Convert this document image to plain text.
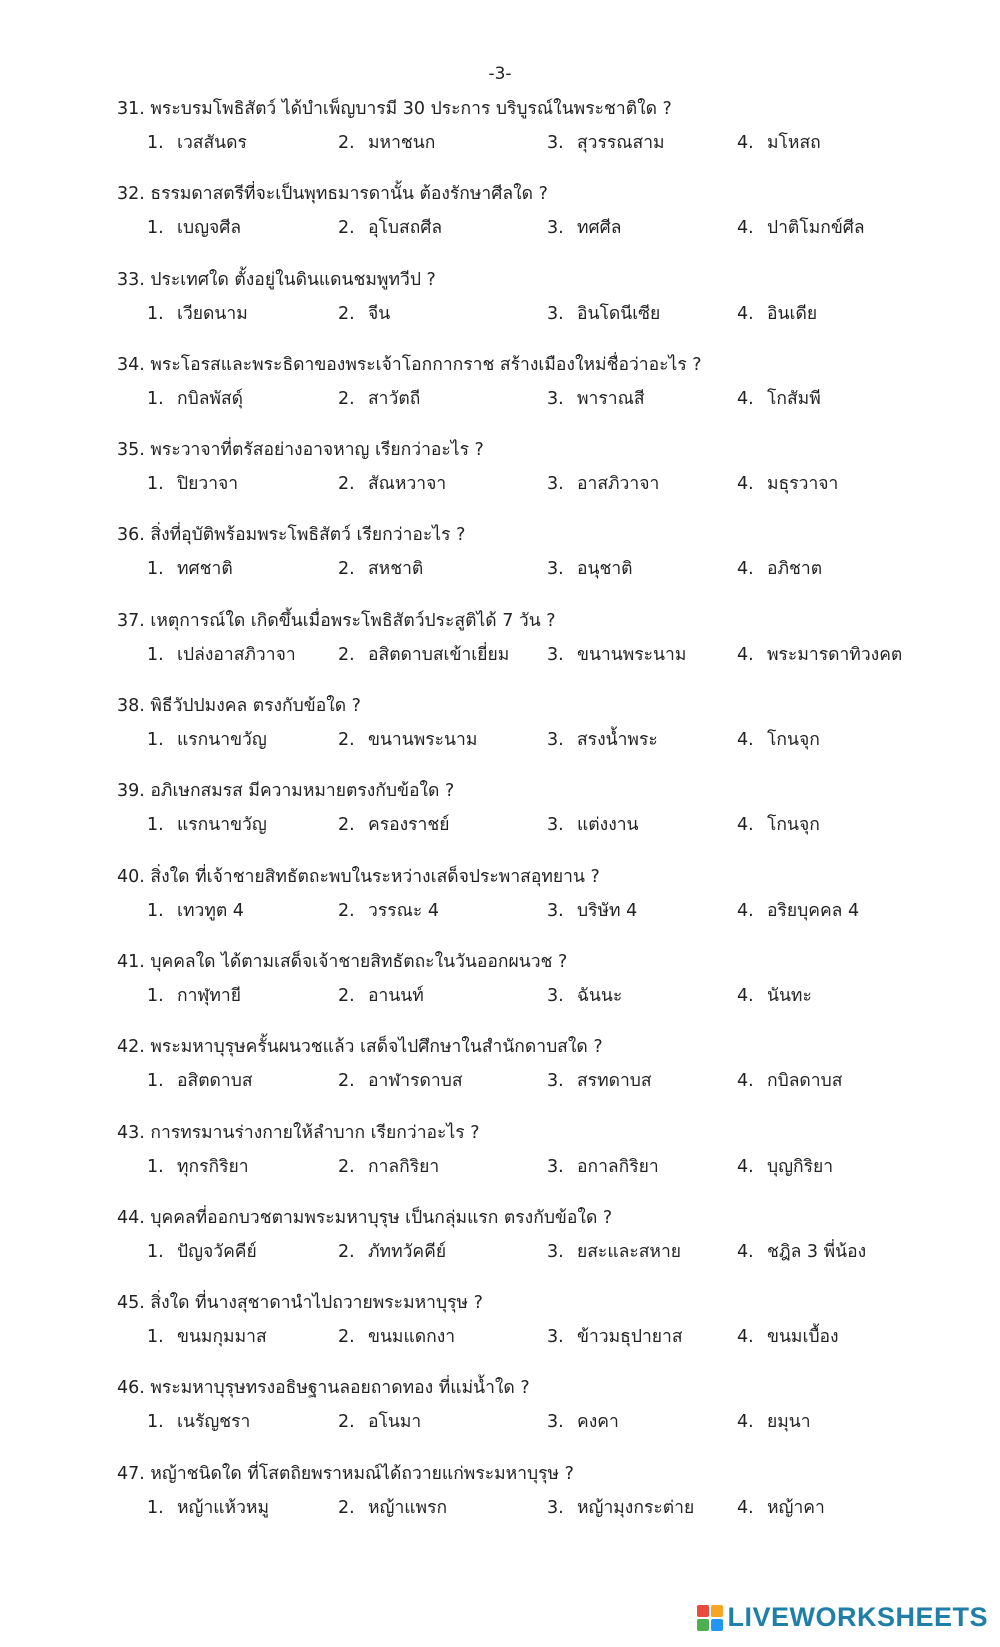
-3-
31. พระบรมโพธิสัตว์ ได้บำเพ็ญบารมี 30 ประการ บริบูรณ์ในพระชาติใด ?
1. เวสสันดร	2. มหาชนก	3. สุวรรณสาม	4. มโหสถ
32. ธรรมดาสตรีที่จะเป็นพุทธมารดานั้น ต้องรักษาศีลใด ?
1. เบญจศีล	2. อุโบสถศีล	3. ทศศีล	4. ปาติโมกข์ศีล
33. ประเทศใด ตั้งอยู่ในดินแดนชมพูทวีป ?
1. เวียดนาม	2. จีน	3. อินโดนีเซีย	4. อินเดีย
34. พระโอรสและพระธิดาของพระเจ้าโอกกากราช สร้างเมืองใหม่ชื่อว่าอะไร ?
1. กบิลพัสดุ์	2. สาวัตถี	3. พาราณสี	4. โกสัมพี
35. พระวาจาที่ตรัสอย่างอาจหาญ เรียกว่าอะไร ?
1. ปิยวาจา	2. สัณหวาจา	3. อาสภิวาจา	4. มธุรวาจา
36. สิ่งที่อุบัติพร้อมพระโพธิสัตว์ เรียกว่าอะไร ?
1. ทศชาติ	2. สหชาติ	3. อนุชาติ	4. อภิชาต
37. เหตุการณ์ใด เกิดขึ้นเมื่อพระโพธิสัตว์ประสูติได้ 7 วัน ?
1. เปล่งอาสภิวาจา 2. อสิตดาบสเข้าเยี่ยม 3. ขนานพระนาม	4. พระมารดาทิวงคต
38. พิธีวัปปมงคล ตรงกับข้อใด ?
1. แรกนาขวัญ	2. ขนานพระนาม	3. สรงน้ำพระ	4. โกนจุก
39. อภิเษกสมรส มีความหมายตรงกับข้อใด ?
1. แรกนาขวัญ	2. ครองราชย์	3. แต่งงาน	4. โกนจุก
40. สิ่งใด ที่เจ้าชายสิทธัตถะพบในระหว่างเสด็จประพาสอุทยาน ?
1. เทวทูต 4	2. วรรณะ 4	3. บริษัท 4	4. อริยบุคคล 4
41. บุคคลใด ได้ตามเสด็จเจ้าชายสิทธัตถะในวันออกผนวช ?
1. กาฬุทายี	2. อานนท์	3. ฉันนะ	4. นันทะ
42. พระมหาบุรุษครั้นผนวชแล้ว เสด็จไปศึกษาในสำนักดาบสใด ?
1. อสิตดาบส	2. อาฬารดาบส	3. สรทดาบส	4. กบิลดาบส
43. การทรมานร่างกายให้ลำบาก เรียกว่าอะไร ?
1. ทุกรกิริยา	2. กาลกิริยา	3. อกาลกิริยา	4. บุญกิริยา
44. บุคคลที่ออกบวชตามพระมหาบุรุษ เป็นกลุ่มแรก ตรงกับข้อใด ?
1. ปัญจวัคคีย์	2. ภัททวัคคีย์	3. ยสะและสหาย	4. ชฎิล 3 พี่น้อง
45. สิ่งใด ที่นางสุชาดานำไปถวายพระมหาบุรุษ ?
1. ขนมกุมมาส	2. ขนมแดกงา	3. ข้าวมธุปายาส	4. ขนมเบื้อง
46. พระมหาบุรุษทรงอธิษฐานลอยถาดทอง ที่แม่น้ำใด ?
1. เนรัญชรา	2. อโนมา	3. คงคา	4. ยมุนา
47. หญ้าชนิดใด ที่โสตถิยพราหมณ์ได้ถวายแก่พระมหาบุรุษ ?
1. หญ้าแห้วหมู	2. หญ้าแพรก	3. หญ้ามุงกระต่าย 4. หญ้าคา
LIVEWORKSHEETS
